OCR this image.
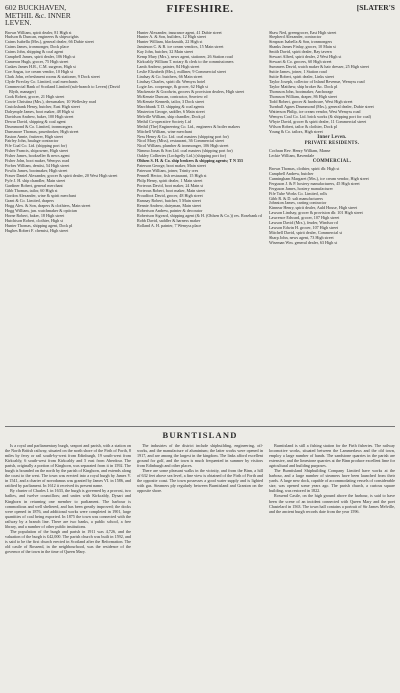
602 BUCKHAVEN, METHIL &c. INNER LEVEN.
FIFESHIRE.	[SLATER'S
Brown William, spirit dealer, 81 High st
Hudson & Duncan, engineers & shipwrights
Cairns Isabella (Mrs.), general dealer, 66 Dubie street
Cairns James, ironmonger, Dock place
Cairns John, shipping & coal agent
Campbell James, spirit dealer, 106 High st
Cameron Hugh, grocer, 75 High street
Cuskes James H.R., C.M. surgeon, High st
Coe Angus, ice cream vendor, 10 High st
Clark John, refreshment rooms & stationer, 9 Dock street
Clyde Fireclay Co. Limited, coal merchants
Commercial Bank of Scotland Limited (sub-branch to Leven) (David Blyth, manager)
Cook Robert, grocer, 21 High street
Cowie Christina (Mrs.), dressmaker, 10 Wellesley road
Cruickshank Henry, butcher, East High street
Dalrymple James, boot maker, 48 High st
Davidson Andrew, baker, 100 High street
Dewar David, shipping & coal agent
Drummond & Co. Limited, ironmongers
Dunsmore Thomas, pawnbroker, High street
Easton Annie, fruiterer, High street
Fairley John, haulage contractor
Fife Coal Co. Ltd. (shipping port for)
Fisher Francis, shipowner, High street
Fisher James, bookseller & news agent
Fisher John, boot maker, Wemyss road
Forbes William, dentist, 54 High street
Fowlis James, bootmaker, High street
Fraser Daniel Alexander, grocer & spirit dealer, 20 West High street
Fyfe J. H. ship chandler, Main street
Gardiner Robert, general merchant
Gibb Thomas, tailor, 60 High st
Gordon Alexander, wine & spirit merchant
Grant & Co. Limited, drapers
Hogg Alex. & Son, drapers & clothiers, Main street
Hogg William, jun. watchmaker & optician
Horne Robert, baker, 18 High street
Hutchison Robert, clothier, High st
Hunter Thomas, shipping agent, Dock pl
Hughes Robert F. chemist, High street
Hunter Alexander, insurance agent, 41 Dubie street
Hunter A. & Son, builders, 12 High street
Hunter William, blacksmith, 22 High st
Jamieson C. & B. ice cream vendors, 15 Main street
Kay John, butcher, 32 Main street
Kemp Mary (Mrs.), news agent, stationer, 26 Station road
Kirkcaldy William T. notary & clerk to the commissioners
Lamb Andrew, painter, 84 High street
Leslie Elizabeth (Mrs.), milliner, 9 Commercial street
Lindsay & Co. butchers, 66 Main street
Lindsay Charles, spirit dlr. Wemyss hotel
Logie Jas. cooperage, & grocer, 62 High st
Mackenzie & Goodwin, grocers & provision dealers, High street
McKenzie Duncan, contractor, Seaview rd
McKenzie Kenneth, tailor, 3 Dock street
Marchbank T. D. shipping & coal agents
Masterton George, saddler, 6 Main street
Melville William, ship chandler, Dock pl
Methil Co-operative Society Ltd
Methil (The) Engineering Co. Ltd., engineers & boiler makers
Mitchell William, wine merchant
Ness Henry & Co. Ltd. coal masters (shipping port for)
Nicol Mary (Miss), restaurant, 36 Commercial street
Nicol William, plumber & ironmonger, 106 High street
Nimmo Jonas & Son Ltd. coal masters (shipping port for)
Oakley Collieries (Lochgelly Ltd.) (shipping port for)
Ohlsen S. H. & Co. ship brokers & shipping agents; T N 355
Paterson George, boot maker, Main street
Paterson William, joiner, Trinity cres
Pennell Hector, fish restaurant, 15 High st
Philp Henry, spirit dealer, 1 Main street
Porteous David, boot maker, 24 Main st
Porteous Robert, boot maker, Main street
Proudfoot David, grocer, 48 High street
Ramsay Robert, butcher, 5 Main street
Rennie Andrew, dairyman, Main street
Robertson Andrew, painter & decorator
Robertson Sigvard, shipping agent (& H. (Ohlsen & Co.)) res. Rosebank rd
Robb David, saddler & harness maker
Rolland A. H. painter, 7 Wemyss place
Shaw Ned, greengrocer, East High street
Shepherd Alexander, contractor
Simpson Isabella & Son, ironmongers
Shanks James Finlay, grocer, 10 Main st
Smith David, spirit dealer, Bay tavern
Stewart Alfred, spirit dealer, 2 West High st
Stewart & Co. grocers, 60 High street
Summers David, watch maker & hair dresser, 25 High street
Suttie James, joiner, 1 Station road
Suttie Robert, spirit dealer, Links street
Taylor Joseph, collector of Inland Revenue, Wemyss road
Taylor Matthew, ship broker &c. Dock pl
Thomson John, bootmaker, Anchorage
Thomson William, draper, 86 High street
Todd Robert, grocer & hardware, West High street
Turnbull Agnes Drummond (Mrs.), general dealer, Dubie street
Watterson Philip, ice cream vendor, West Wemyss road
Wemyss Coal Co. Ltd. brick works (& shipping port for coal)
Whyte David, grocer & spirit dealer, 11 Commercial street
Wilson Robert, tailor & clothier, Dock pl
Young & Co. tailors, High street
Inner Leven.
PRIVATE RESIDENTS.
Cochran Rev. Henry William, Manse
Leckie William, Ravendale
COMMERCIAL.
Brown Thomas, clothier, spirit dlr. High st
Campbell Andrew, butcher
Cunningham Margaret (Mrs.), ice cream vendor, High street
Ferguson J. & P. hosiery manufacturers, 45 High street
Ferguson James, hosiery manufacturer
Fife Tube Works Co. Limited, rolls
Gibb R. & D. salt manufacturers
Johnston James, carting contractor
Kinnear Henry, spirit dealer, Auld House, High street
Lawson Lindsay, grocer & provision dlr. 101 High street
Lawrence Edward, grocer, 107 High street
Lawson David (Mrs.), feuder, Windsor rd
Lawson Edwin H. grocer, 107 High street
Mitchell David, spirit dealer, Commercial st
Sharp John, news agent, 73 High street
Wiseman Wm. general dealer, 63 High st
BURNTISLAND

Is a royal and parliamentary burgh, seaport and parish, with a station on the North British railway, situated on the north shore of the Firth of Forth, 8 miles by ferry or rail south-by-west from Edinburgh, 19 south-west from Kirkcaldy, 6 south-west from Kirkcaldy and 5 east from Aberdour. The parish, originally a portion of Kinghorn, was separated from it in 1592. The burgh is bounded on the north by the parish of Kinghorn, and extends along the coast to the west. The town was erected into a royal burgh by James V. in 1541, and a charter of novodamus was granted by James VI. in 1586, and ratified by parliament. In 1612 it received its present name.

By charter of Charles I. in 1633, the burgh is governed by a provost, two bailies, and twelve councillors; and unites with Kirkcaldy, Dysart and Kinghorn in returning one member to parliament. The harbour is commodious and well sheltered, and has been greatly improved; the docks were opened in 1876, and additional works were completed in 1901, large quantities of coal being exported. In 1875 the town was connected with the railway by a branch line. There are two banks, a public school, a free library, and a number of other public institutions.

The population of the burgh and parish in 1911 was 4,726, and the valuation of the burgh is £42,000. The parish church was built in 1592, and is said to be the first church erected in Scotland after the Reformation. The old castle of Rossend, in the neighbourhood, was the residence of the governor of the town in the time of Queen Mary.

The industries of the district include shipbuilding, engineering, oil-works, and the manufacture of aluminium; the latter works were opened in 1917, and are among the largest in the kingdom. The links afford excellent ground for golf, and the town is much frequented in summer by visitors from Edinburgh and other places.

There are some pleasant walks in the vicinity, and from the Binn, a hill of 632 feet above sea level, a fine view is obtained of the Firth of Forth and the opposite coast. The town possesses a good water supply and is lighted with gas. Steamers ply regularly between Burntisland and Granton on the opposite shore.

Burntisland is still a fishing station for the Firth fisheries. The railway locomotive works, situated between the Lammerlaws and the old town, employ a large number of hands. The sandstone quarries in the parish are extensive, and the limestone quarries at the Binn produce excellent lime for agricultural and building purposes.

The Burntisland Shipbuilding Company Limited have works at the harbour, and a large number of steamers have been launched from their yards. A large new dock, capable of accommodating vessels of considerable size, was opened some years ago. The parish church, a curious square building, was restored in 1822.

Rossend Castle, on the high ground above the harbour, is said to have been the scene of an incident connected with Queen Mary and the poet Chastelard in 1563. The town hall contains a portrait of Sir James Melville, and the ancient burgh records date from the year 1596.
